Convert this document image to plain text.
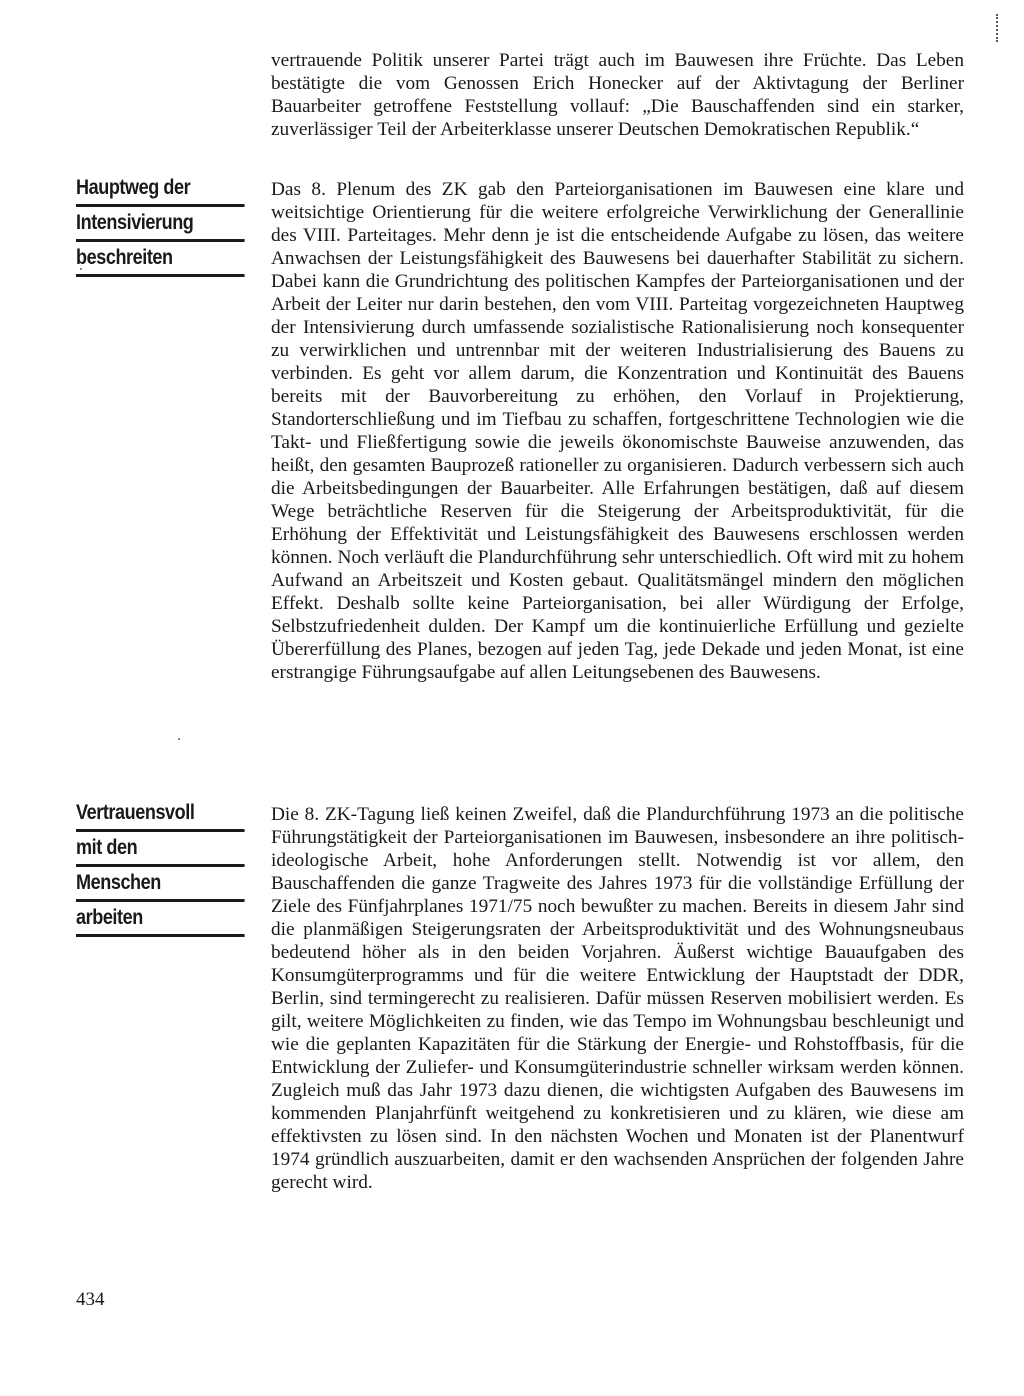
Hauptweg der
Intensivierung
beschreiten

Vertrauensvoll
mit den
Menschen
arbeiten

vertrauende Politik unserer Partei trägt auch im Bauwesen ihre Früchte. Das Leben bestätigte die vom Genossen Erich Honecker auf der Aktivtagung der Berliner Bauarbeiter getroffene Feststellung vollauf: „Die Bauschaffenden sind ein starker, zuverlässiger Teil der Arbeiterklasse unserer Deutschen Demokratischen Republik.“

Das 8. Plenum des ZK gab den Parteiorganisationen im Bauwesen eine klare und weitsichtige Orientierung für die weitere erfolgreiche Verwirklichung der Generallinie des VIII. Parteitages. Mehr denn je ist die entscheidende Aufgabe zu lösen, das weitere Anwachsen der Leistungsfähigkeit des Bauwesens bei dauerhafter Stabilität zu sichern. Dabei kann die Grundrichtung des politischen Kampfes der Parteiorganisationen und der Arbeit der Leiter nur darin bestehen, den vom VIII. Parteitag vorgezeichneten Hauptweg der Intensivierung durch umfassende sozialistische Rationalisierung noch konsequenter zu verwirklichen und untrennbar mit der weiteren Industrialisierung des Bauens zu verbinden. Es geht vor allem darum, die Konzentration und Kontinuität des Bauens bereits mit der Bauvorbereitung zu erhöhen, den Vorlauf in Projektierung, Standorterschließung und im Tiefbau zu schaffen, fortgeschrittene Technologien wie die Takt- und Fließfertigung sowie die jeweils ökonomischste Bauweise anzuwenden, das heißt, den gesamten Bauprozeß rationeller zu organisieren. Dadurch verbessern sich auch die Arbeitsbedingungen der Bauarbeiter. Alle Erfahrungen bestätigen, daß auf diesem Wege beträchtliche Reserven für die Steigerung der Arbeitsproduktivität, für die Erhöhung der Effektivität und Leistungsfähigkeit des Bauwesens erschlossen werden können. Noch verläuft die Plandurchführung sehr unterschiedlich. Oft wird mit zu hohem Aufwand an Arbeitszeit und Kosten gebaut. Qualitätsmängel mindern den möglichen Effekt. Deshalb sollte keine Parteiorganisation, bei aller Würdigung der Erfolge, Selbstzufriedenheit dulden. Der Kampf um die kontinuierliche Erfüllung und gezielte Übererfüllung des Planes, bezogen auf jeden Tag, jede Dekade und jeden Monat, ist eine erstrangige Führungsaufgabe auf allen Leitungsebenen des Bauwesens.

Die 8. ZK-Tagung ließ keinen Zweifel, daß die Plandurchführung 1973 an die politische Führungstätigkeit der Parteiorganisationen im Bauwesen, insbesondere an ihre politisch-ideologische Arbeit, hohe Anforderungen stellt. Notwendig ist vor allem, den Bauschaffenden die ganze Tragweite des Jahres 1973 für die vollständige Erfüllung der Ziele des Fünfjahrplanes 1971/75 noch bewußter zu machen. Bereits in diesem Jahr sind die planmäßigen Steigerungsraten der Arbeitsproduktivität und des Wohnungsneubaus bedeutend höher als in den beiden Vorjahren. Äußerst wichtige Bauaufgaben des Konsumgüterprogramms und für die weitere Entwicklung der Hauptstadt der DDR, Berlin, sind termingerecht zu realisieren. Dafür müssen Reserven mobilisiert werden. Es gilt, weitere Möglichkeiten zu finden, wie das Tempo im Wohnungsbau beschleunigt und wie die geplanten Kapazitäten für die Stärkung der Energie- und Rohstoffbasis, für die Entwicklung der Zuliefer- und Konsumgüterindustrie schneller wirksam werden können. Zugleich muß das Jahr 1973 dazu dienen, die wichtigsten Aufgaben des Bauwesens im kommenden Planjahrfünft weitgehend zu konkretisieren und zu klären, wie diese am effektivsten zu lösen sind. In den nächsten Wochen und Monaten ist der Planentwurf 1974 gründlich auszuarbeiten, damit er den wachsenden Ansprüchen der folgenden Jahre gerecht wird.

434
